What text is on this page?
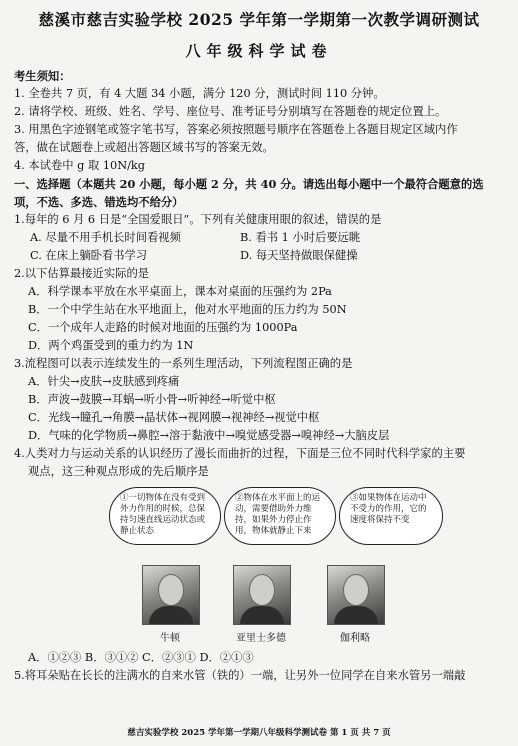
慈溪市慈吉实验学校 2025 学年第一学期第一次教学调研测试
八年级科学试卷
考生须知：
1. 全卷共 7 页，有 4 大题 34 小题，满分 120 分，测试时间 110 分钟。
2. 请将学校、班级、姓名、学号、座位号、准考证号分别填写在答题卷的规定位置上。
3. 用黑色字迹钢笔或签字笔书写，答案必须按照题号顺序在答题卷上各题目规定区域内作
答，做在试题卷上或超出答题区域书写的答案无效。
4. 本试卷中 g 取 10N/kg
一、选择题（本题共 20 小题，每小题 2 分，共 40 分。请选出每小题中一个最符合题意的选
项，不选、多选、错选均不给分）
1.每年的 6 月 6 日是“全国爱眼日”。下列有关健康用眼的叙述，错误的是
A. 尽量不用手机长时间看视频	B. 看书 1 小时后要远眺
C. 在床上躺卧看书学习	D. 每天坚持做眼保健操
2.以下估算最接近实际的是
A．科学课本平放在水平桌面上，课本对桌面的压强约为 2Pa
B．一个中学生站在水平地面上，他对水平地面的压力约为 50N
C．一个成年人走路的时候对地面的压强约为 1000Pa
D．两个鸡蛋受到的重力约为 1N
3.流程图可以表示连续发生的一系列生理活动，下列流程图正确的是
A．针尖→皮肤→皮肤感到疼痛
B．声波→鼓膜→耳蜗→听小骨→听神经→听觉中枢
C．光线→瞳孔→角膜→晶状体→视网膜→视神经→视觉中枢
D．气味的化学物质→鼻腔→溶于黏液中→嗅觉感受器→嗅神经→大脑皮层
4.人类对力与运动关系的认识经历了漫长而曲折的过程，下面是三位不同时代科学家的主要
观点，这三种观点形成的先后顺序是
①一切物体在没有受到外力作用的时候，总保持匀速直线运动状态或静止状态
②物体在水平面上的运动，需要借助外力维持，如果外力停止作用，物体就静止下来
③如果物体在运动中不受力的作用，它的速度将保持不变
牛顿	亚里士多德	伽利略
A．①②③ B．③①② C．②③① D．②①③
5.将耳朵贴在长长的注满水的自来水管（铁的）一端，让另外一位同学在自来水管另一端敲
慈吉实验学校 2025 学年第一学期八年级科学测试卷 第 1 页 共 7 页
